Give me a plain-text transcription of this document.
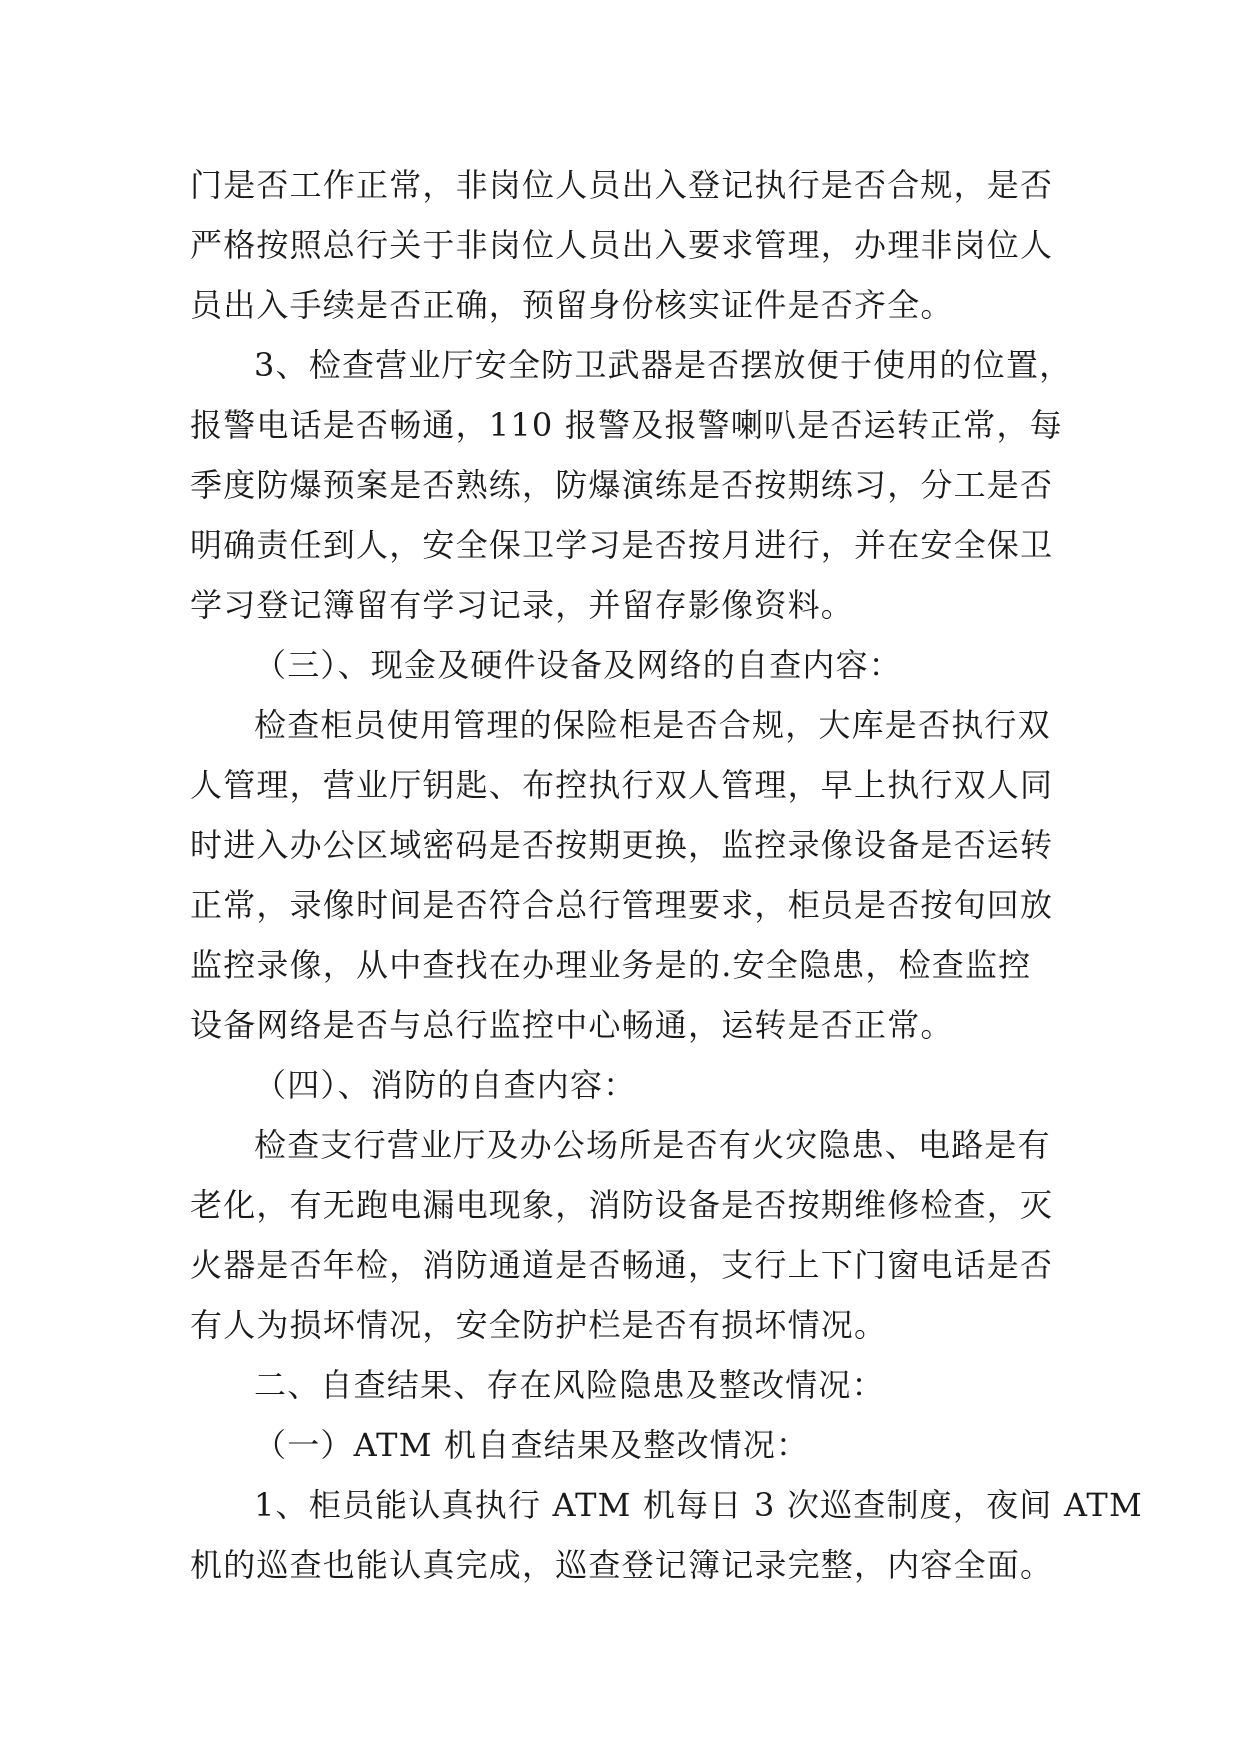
门是否工作正常，非岗位人员出入登记执行是否合规，是否
严格按照总行关于非岗位人员出入要求管理，办理非岗位人
员出入手续是否正确，预留身份核实证件是否齐全。
3、检查营业厅安全防卫武器是否摆放便于使用的位置，
报警电话是否畅通，110 报警及报警喇叭是否运转正常，每
季度防爆预案是否熟练，防爆演练是否按期练习，分工是否
明确责任到人，安全保卫学习是否按月进行，并在安全保卫
学习登记簿留有学习记录，并留存影像资料。
（三）、现金及硬件设备及网络的自查内容：
检查柜员使用管理的保险柜是否合规，大库是否执行双
人管理，营业厅钥匙、布控执行双人管理，早上执行双人同
时进入办公区域密码是否按期更换，监控录像设备是否运转
正常，录像时间是否符合总行管理要求，柜员是否按旬回放
监控录像，从中查找在办理业务是的.安全隐患，检查监控
设备网络是否与总行监控中心畅通，运转是否正常。
（四）、消防的自查内容：
检查支行营业厅及办公场所是否有火灾隐患、电路是有
老化，有无跑电漏电现象，消防设备是否按期维修检查，灭
火器是否年检，消防通道是否畅通，支行上下门窗电话是否
有人为损坏情况，安全防护栏是否有损坏情况。
二、自查结果、存在风险隐患及整改情况：
（一）ATM 机自查结果及整改情况：
1、柜员能认真执行 ATM 机每日 3 次巡查制度，夜间 ATM
机的巡查也能认真完成，巡查登记簿记录完整，内容全面。
